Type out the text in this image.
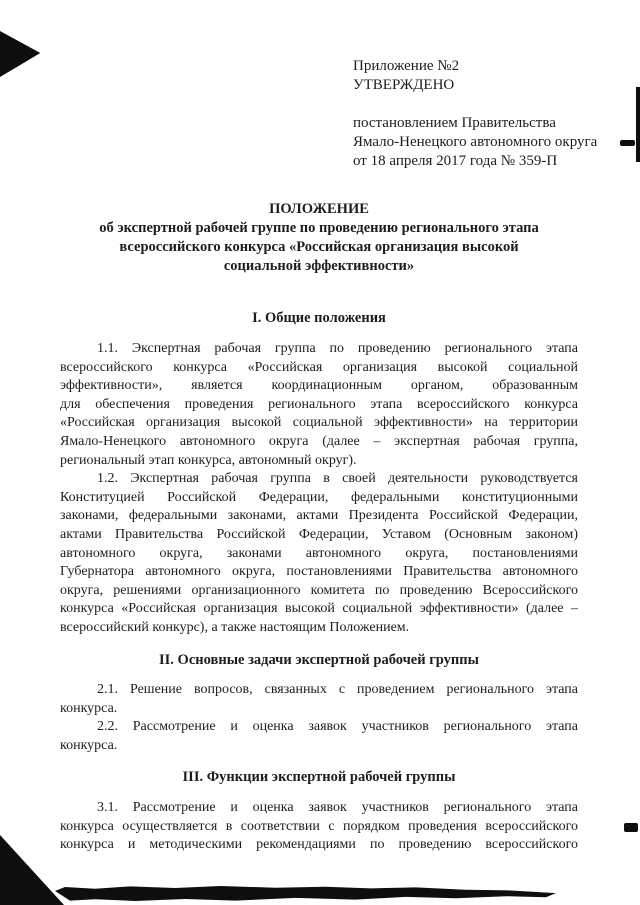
Приложение №2
УТВЕРЖДЕНО
постановлением Правительства
Ямало-Ненецкого автономного округа
от 18 апреля 2017 года № 359-П
ПОЛОЖЕНИЕ
об экспертной рабочей группе по проведению регионального этапа
всероссийского конкурса «Российская организация высокой
социальной эффективности»
I. Общие положения
1.1. Экспертная рабочая группа по проведению регионального этапа
всероссийского конкурса «Российская организация высокой социальной
эффективности», является координационным органом, образованным
для обеспечения проведения регионального этапа всероссийского конкурса
«Российская организация высокой социальной эффективности» на территории
Ямало-Ненецкого автономного округа (далее – экспертная рабочая группа,
региональный этап конкурса, автономный округ).
1.2. Экспертная рабочая группа в своей деятельности руководствуется
Конституцией Российской Федерации, федеральными конституционными
законами, федеральными законами, актами Президента Российской Федерации,
актами Правительства Российской Федерации, Уставом (Основным законом)
автономного округа, законами автономного округа, постановлениями
Губернатора автономного округа, постановлениями Правительства автономного
округа, решениями организационного комитета по проведению Всероссийского
конкурса «Российская организация высокой социальной эффективности» (далее –
всероссийский конкурс), а также настоящим Положением.
II. Основные задачи экспертной рабочей группы
2.1. Решение вопросов, связанных с проведением регионального этапа
конкурса.
2.2. Рассмотрение и оценка заявок участников регионального этапа
конкурса.
III. Функции экспертной рабочей группы
3.1. Рассмотрение и оценка заявок участников регионального этапа
конкурса осуществляется в соответствии с порядком проведения всероссийского
конкурса и методическими рекомендациями по проведению всероссийского
